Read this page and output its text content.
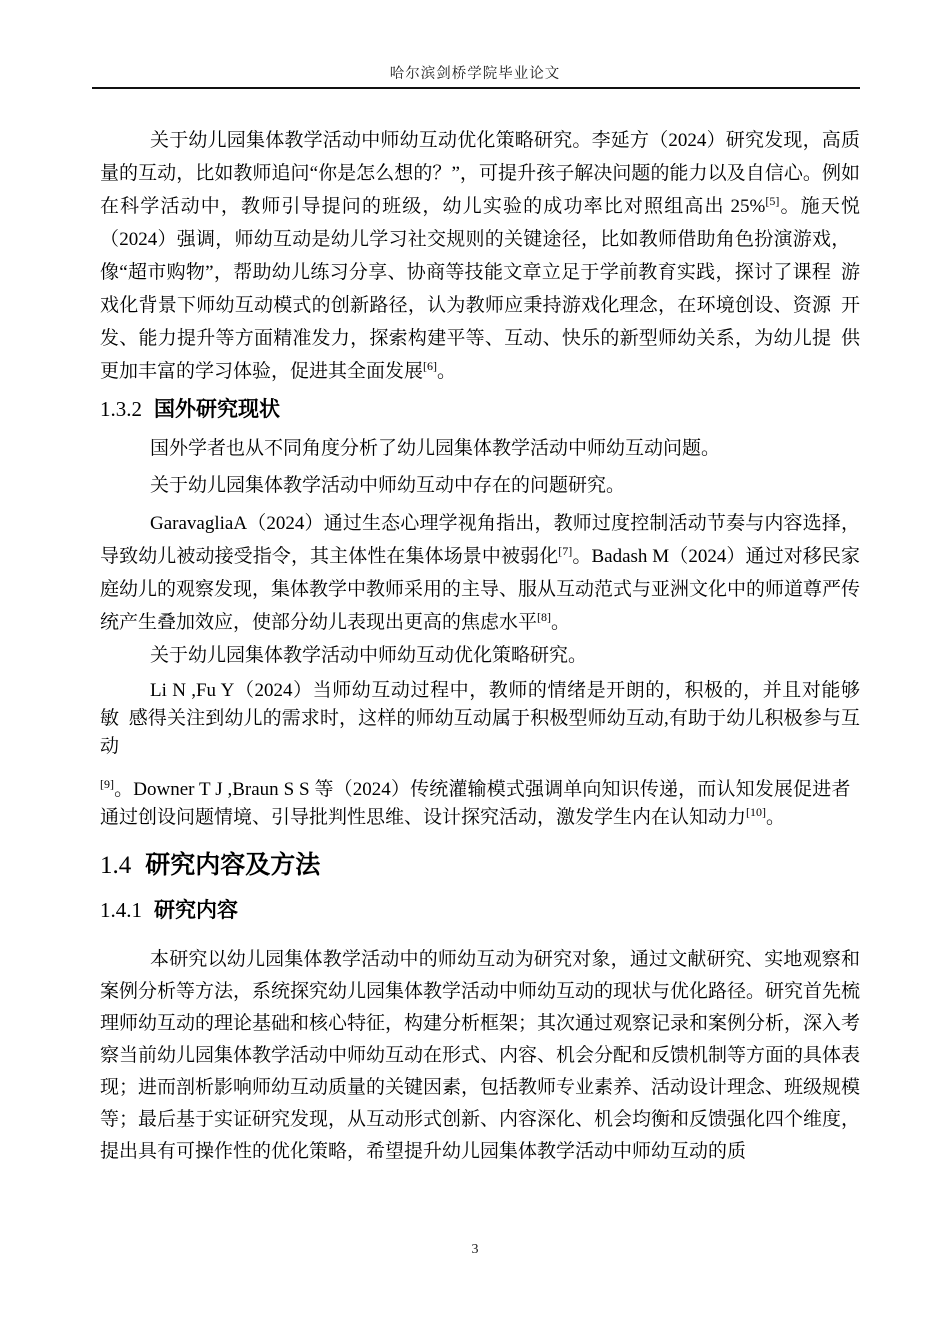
哈尔滨剑桥学院毕业论文

关于幼儿园集体教学活动中师幼互动优化策略研究。李延方（2024）研究发现，高质量的互动，比如教师追问“你是怎么想的？”，可提升孩子解决问题的能力以及自信心。例如在科学活动中，教师引导提问的班级，幼儿实验的成功率比对照组高出 25%[5]。施天悦（2024）强调，师幼互动是幼儿学习社交规则的关键途径，比如教师借助角色扮演游戏， 像“超市购物”，帮助幼儿练习分享、协商等技能文章立足于学前教育实践，探讨了课程 游戏化背景下师幼互动模式的创新路径，认为教师应秉持游戏化理念，在环境创设、资源 开发、能力提升等方面精准发力，探索构建平等、互动、快乐的新型师幼关系，为幼儿提 供更加丰富的学习体验，促进其全面发展[6]。

1.3.2 国外研究现状

国外学者也从不同角度分析了幼儿园集体教学活动中师幼互动问题。

关于幼儿园集体教学活动中师幼互动中存在的问题研究。

GaravagliaA（2024）通过生态心理学视角指出，教师过度控制活动节奏与内容选择，导致幼儿被动接受指令，其主体性在集体场景中被弱化[7]。Badash M（2024）通过对移民家庭幼儿的观察发现，集体教学中教师采用的主导、服从互动范式与亚洲文化中的师道尊严传统产生叠加效应，使部分幼儿表现出更高的焦虑水平[8]。

关于幼儿园集体教学活动中师幼互动优化策略研究。

Li N ,Fu Y（2024）当师幼互动过程中，教师的情绪是开朗的，积极的，并且对能够敏 感得关注到幼儿的需求时，这样的师幼互动属于积极型师幼互动,有助于幼儿积极参与互动

[9]。Downer T J ,Braun S S 等（2024）传统灌输模式强调单向知识传递，而认知发展促进者 通过创设问题情境、引导批判性思维、设计探究活动，激发学生内在认知动力[10]。

1.4 研究内容及方法
1.4.1 研究内容

本研究以幼儿园集体教学活动中的师幼互动为研究对象，通过文献研究、实地观察和案例分析等方法，系统探究幼儿园集体教学活动中师幼互动的现状与优化路径。研究首先梳理师幼互动的理论基础和核心特征，构建分析框架；其次通过观察记录和案例分析，深入考察当前幼儿园集体教学活动中师幼互动在形式、内容、机会分配和反馈机制等方面的具体表现；进而剖析影响师幼互动质量的关键因素，包括教师专业素养、活动设计理念、班级规模等；最后基于实证研究发现，从互动形式创新、内容深化、机会均衡和反馈强化四个维度，提出具有可操作性的优化策略，希望提升幼儿园集体教学活动中师幼互动的质

3
